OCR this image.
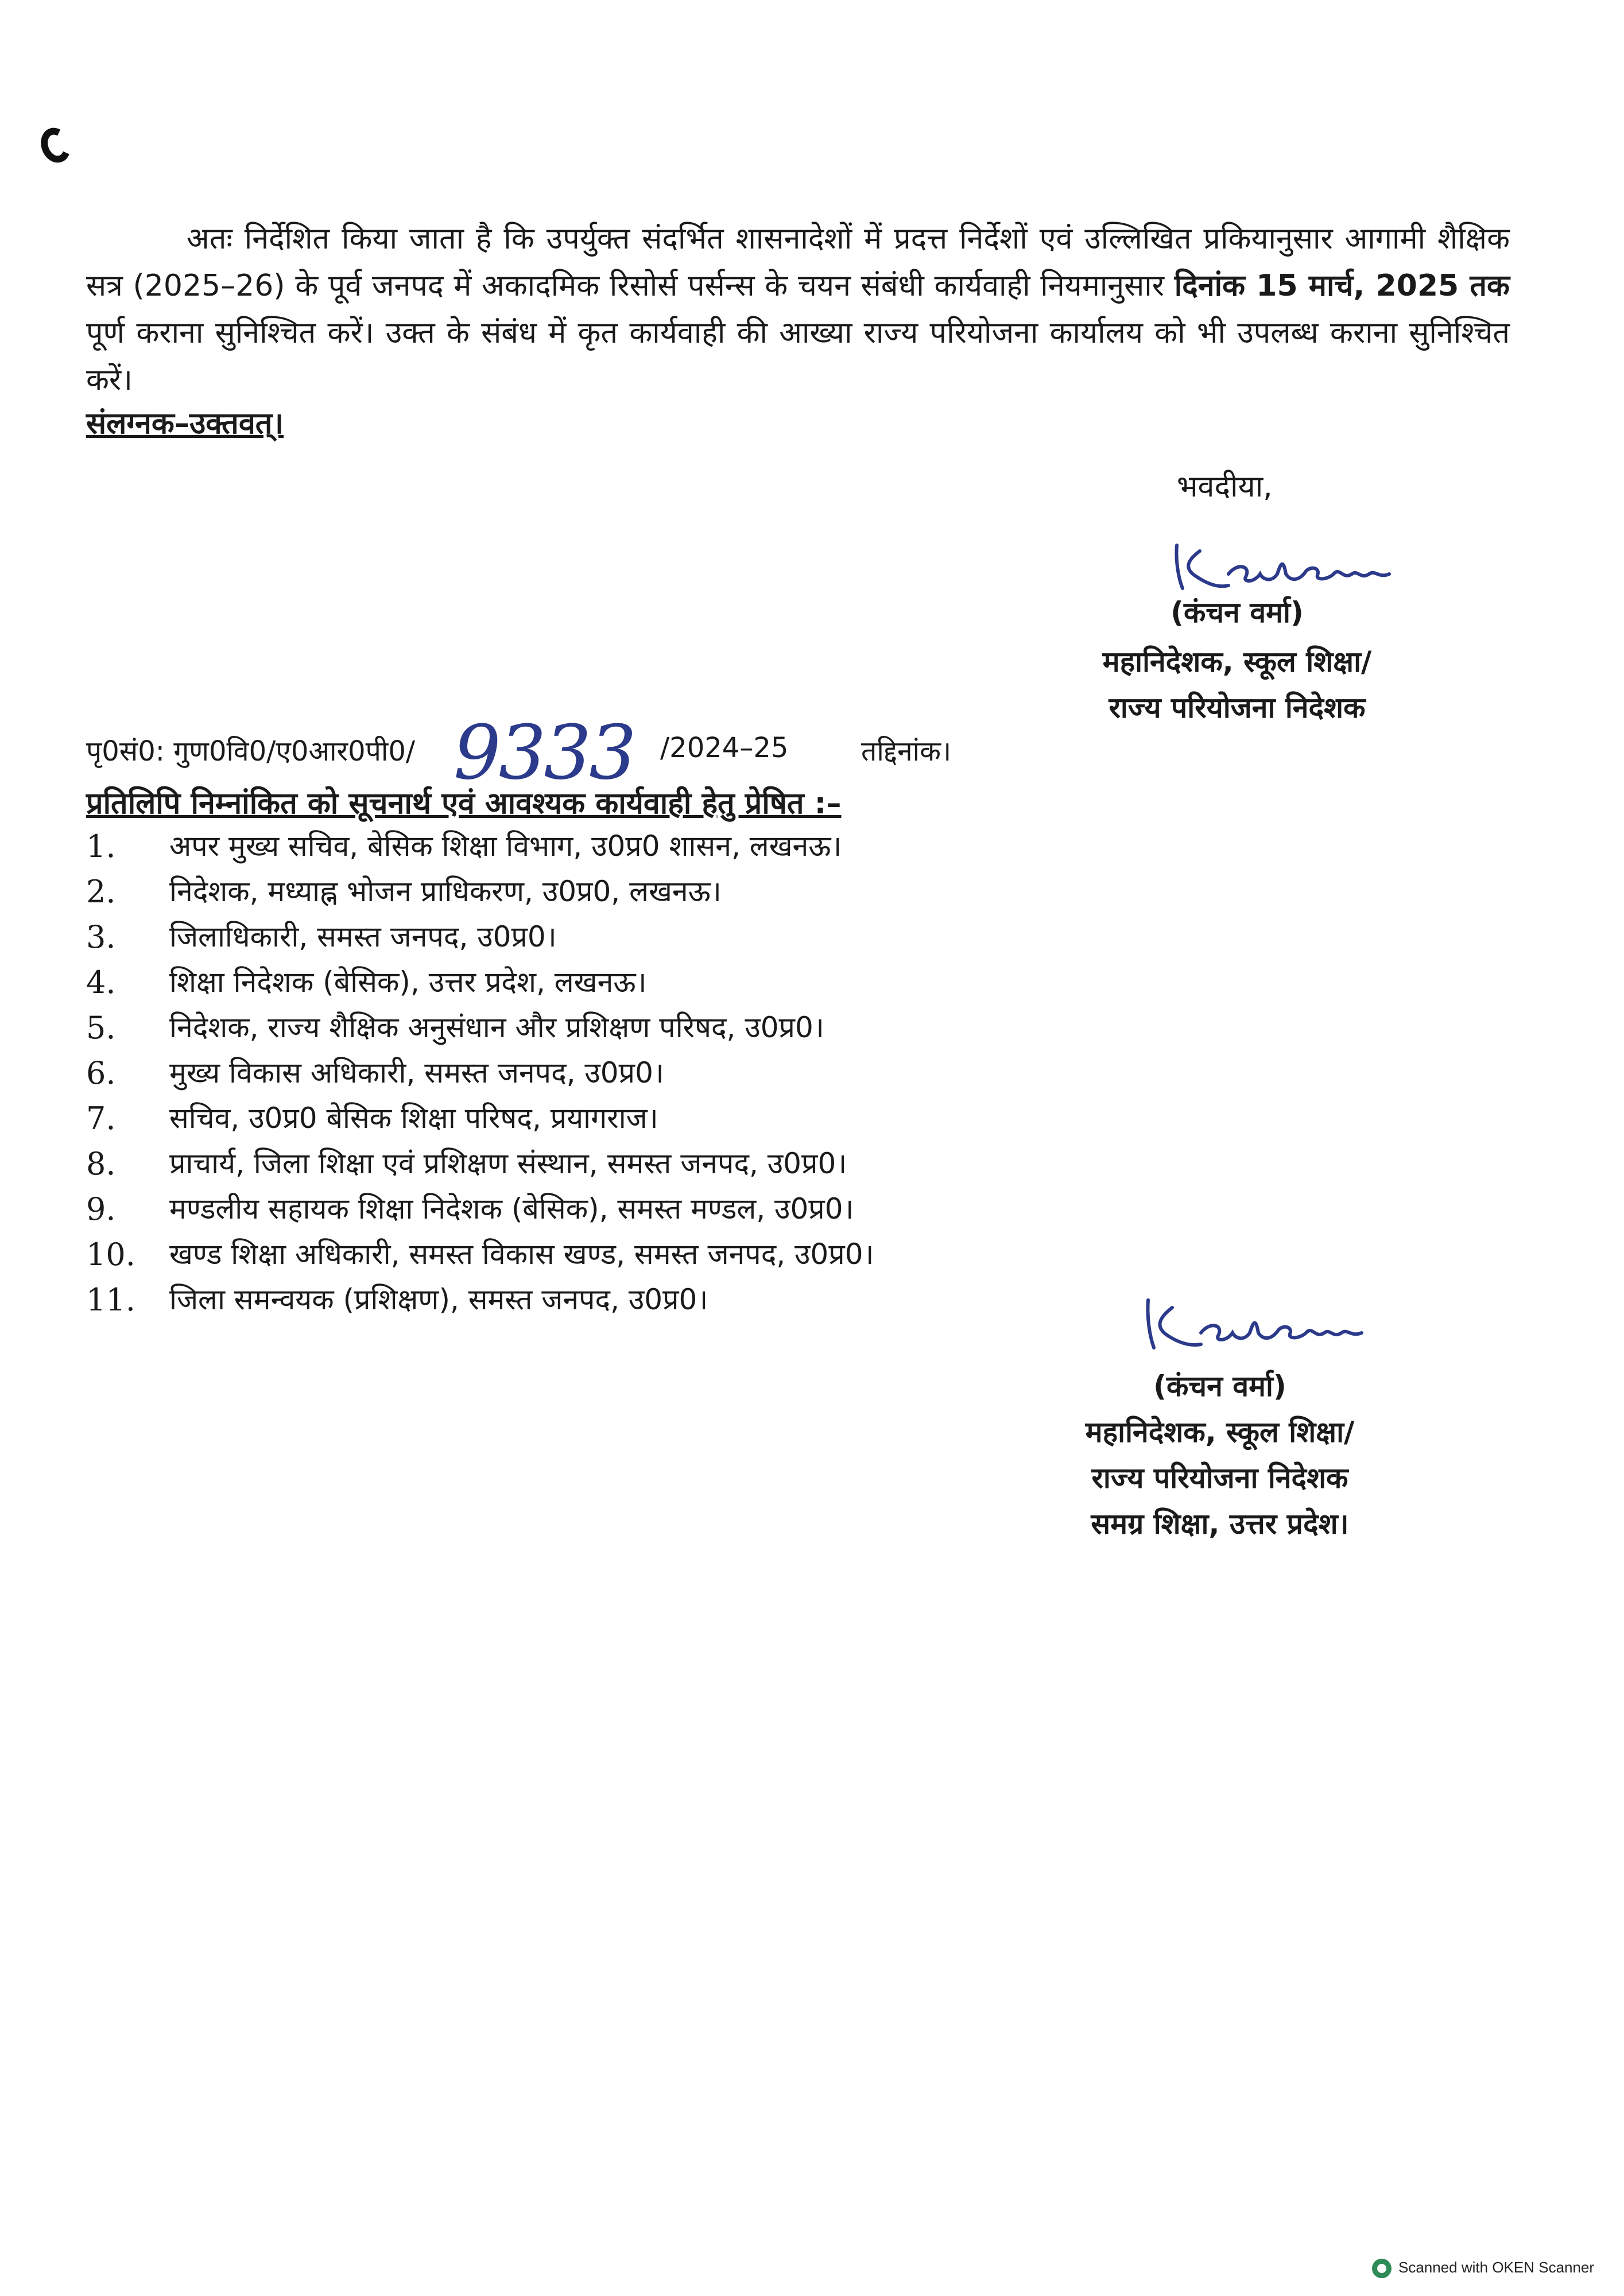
अतः निर्देशित किया जाता है कि उपर्युक्त संदर्भित शासनादेशों में प्रदत्त निर्देशों एवं उल्लिखित प्रकियानुसार आगामी शैक्षिक सत्र (2025–26) के पूर्व जनपद में अकादमिक रिसोर्स पर्सन्स के चयन संबंधी कार्यवाही नियमानुसार दिनांक 15 मार्च, 2025 तक पूर्ण कराना सुनिश्चित करें। उक्त के संबंध में कृत कार्यवाही की आख्या राज्य परियोजना कार्यालय को भी उपलब्ध कराना सुनिश्चित करें।
संलग्नक–उक्तवत्।
भवदीया,
(कंचन वर्मा)
महानिदेशक, स्कूल शिक्षा/
राज्य परियोजना निदेशक
पृ0सं0: गुण0वि0/ए0आर0पी0/ 9333 /2024–25	तद्दिनांक।
प्रतिलिपि निम्नांकित को सूचनार्थ एवं आवश्यक कार्यवाही हेतु प्रेषित :–
1. अपर मुख्य सचिव, बेसिक शिक्षा विभाग, उ0प्र0 शासन, लखनऊ।
2. निदेशक, मध्याह्न भोजन प्राधिकरण, उ0प्र0, लखनऊ।
3. जिलाधिकारी, समस्त जनपद, उ0प्र0।
4. शिक्षा निदेशक (बेसिक), उत्तर प्रदेश, लखनऊ।
5. निदेशक, राज्य शैक्षिक अनुसंधान और प्रशिक्षण परिषद, उ0प्र0।
6. मुख्य विकास अधिकारी, समस्त जनपद, उ0प्र0।
7. सचिव, उ0प्र0 बेसिक शिक्षा परिषद, प्रयागराज।
8. प्राचार्य, जिला शिक्षा एवं प्रशिक्षण संस्थान, समस्त जनपद, उ0प्र0।
9. मण्डलीय सहायक शिक्षा निदेशक (बेसिक), समस्त मण्डल, उ0प्र0।
10. खण्ड शिक्षा अधिकारी, समस्त विकास खण्ड, समस्त जनपद, उ0प्र0।
11. जिला समन्वयक (प्रशिक्षण), समस्त जनपद, उ0प्र0।
(कंचन वर्मा)
महानिदेशक, स्कूल शिक्षा/
राज्य परियोजना निदेशक
समग्र शिक्षा, उत्तर प्रदेश।
Scanned with OKEN Scanner
